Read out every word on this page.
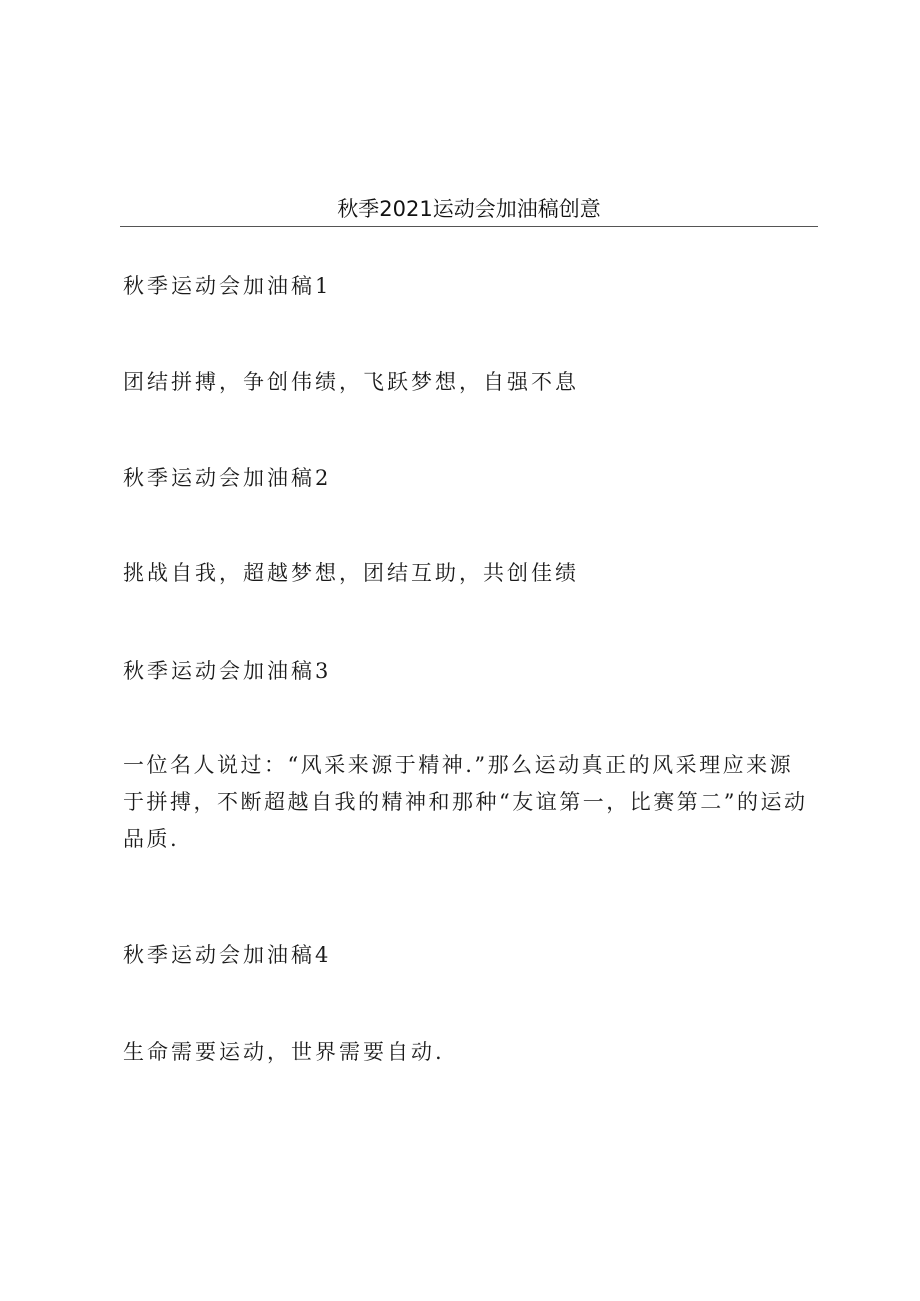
秋季2021运动会加油稿创意

秋季运动会加油稿1

团结拼搏，争创伟绩，飞跃梦想，自强不息

秋季运动会加油稿2

挑战自我，超越梦想，团结互助，共创佳绩

秋季运动会加油稿3

一位名人说过：“风采来源于精神.”那么运动真正的风采理应来源于拼搏，不断超越自我的精神和那种“友谊第一，比赛第二”的运动品质.

秋季运动会加油稿4

生命需要运动，世界需要自动.
